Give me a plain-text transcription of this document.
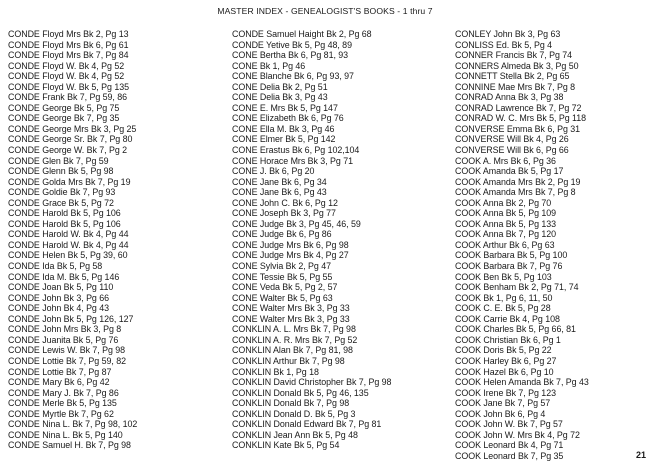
MASTER INDEX - GENEALOGIST'S BOOKS - 1 thru 7
CONDE Floyd Mrs Bk 2, Pg 13
CONDE Floyd Mrs Bk 6, Pg 61
CONDE Floyd Mrs Bk 7, Pg 84
CONDE Floyd W. Bk 4, Pg 52
CONDE Floyd W. Bk 4, Pg 52
CONDE Floyd W. Bk 5, Pg 135
CONDE Frank Bk 7, Pg 59, 86
CONDE George Bk 5, Pg 75
CONDE George Bk 7, Pg 35
CONDE George Mrs Bk 3, Pg 25
CONDE George Sr. Bk 7, Pg 80
CONDE George W. Bk 7, Pg 2
CONDE Glen Bk 7, Pg 59
CONDE Glenn Bk 5, Pg 98
CONDE Golda Mrs Bk 7, Pg 19
CONDE Goldie Bk 7, Pg 93
CONDE Grace Bk 5, Pg 72
CONDE Harold Bk 5, Pg 106
CONDE Harold Bk 5, Pg 106
CONDE Harold W. Bk 4, Pg 44
CONDE Harold W. Bk 4, Pg 44
CONDE Helen Bk 5, Pg 39, 60
CONDE Ida Bk 5, Pg 58
CONDE Ida M. Bk 5, Pg 146
CONDE Joan Bk 5, Pg 110
CONDE John Bk 3, Pg 66
CONDE John Bk 4, Pg 43
CONDE John Bk 5, Pg 126, 127
CONDE John Mrs Bk 3, Pg 8
CONDE Juanita Bk 5, Pg 76
CONDE Lewis W. Bk 7, Pg 98
CONDE Lottie Bk 7, Pg 59, 82
CONDE Lottie Bk 7, Pg 87
CONDE Mary Bk 6, Pg 42
CONDE Mary J. Bk 7, Pg 86
CONDE Merle Bk 5, Pg 135
CONDE Myrtle Bk 7, Pg 62
CONDE Nina L. Bk 7, Pg 98, 102
CONDE Nina L. Bk 5, Pg 140
CONDE Samuel H. Bk 7, Pg 98
CONDE Samuel Haight Bk 2, Pg 68
CONDE Yetive Bk 5, Pg 48, 89
CONE Bertha Bk 6, Pg 81, 93
CONE Bk 1, Pg 46
CONE Blanche Bk 6, Pg 93, 97
CONE Delia Bk 2, Pg 51
CONE Delia Bk 3, Pg 43
CONE E. Mrs Bk 5, Pg 147
CONE Elizabeth Bk 6, Pg 76
CONE Ella M. Bk 3, Pg 46
CONE Elmer Bk 5, Pg 142
CONE Erastus Bk 6, Pg 102,104
CONE Horace Mrs Bk 3, Pg 71
CONE J. Bk 6, Pg 20
CONE Jane Bk 6, Pg 34
CONE Jane Bk 6, Pg 43
CONE John C. Bk 6, Pg 12
CONE Joseph Bk 3, Pg 77
CONE Judge Bk 3, Pg 45, 46, 59
CONE Judge Bk 6, Pg 86
CONE Judge Mrs Bk 6, Pg 98
CONE Judge Mrs Bk 4, Pg 27
CONE Sylvia Bk 2, Pg 47
CONE Tessie Bk 5, Pg 55
CONE Veda Bk 5, Pg 2, 57
CONE Walter Bk 5, Pg 63
CONE Walter Mrs Bk 3, Pg 33
CONE Walter Mrs Bk 3, Pg 33
CONKLIN A. L. Mrs Bk 7, Pg 98
CONKLIN A. R. Mrs Bk 7, Pg 52
CONKLIN Alan Bk 7, Pg 81, 98
CONKLIN Arthur Bk 7, Pg 98
CONKLIN Bk 1, Pg 18
CONKLIN David Christopher Bk 7, Pg 98
CONKLIN Donald Bk 5, Pg 46, 135
CONKLIN Donald Bk 7, Pg 98
CONKLIN Donald D. Bk 5, Pg 3
CONKLIN Donald Edward Bk 7, Pg 81
CONKLIN Jean Ann Bk 5, Pg 48
CONKLIN Kate Bk 5, Pg 54
CONLEY John Bk 3, Pg 63
CONLISS Ed. Bk 5, Pg 4
CONNER Francis Bk 7, Pg 74
CONNERS Almeda Bk 3, Pg 50
CONNETT Stella Bk 2, Pg 65
CONNINE Mae Mrs Bk 7, Pg 8
CONRAD Anna Bk 3, Pg 38
CONRAD Lawrence Bk 7, Pg 72
CONRAD W. C. Mrs Bk 5, Pg 118
CONVERSE Emma Bk 6, Pg 31
CONVERSE Will Bk 4, Pg 26
CONVERSE Will Bk 6, Pg 66
COOK A. Mrs Bk 6, Pg 36
COOK Amanda Bk 5, Pg 17
COOK Amanda Mrs Bk 2, Pg 19
COOK Amanda Mrs Bk 7, Pg 8
COOK Anna Bk 2, Pg 70
COOK Anna Bk 5, Pg 109
COOK Anna Bk 5, Pg 133
COOK Anna Bk 7, Pg 120
COOK Arthur Bk 6, Pg 63
COOK Barbara Bk 5, Pg 100
COOK Barbara Bk 7, Pg 76
COOK Ben Bk 5, Pg 103
COOK Benham Bk 2, Pg 71, 74
COOK Bk 1, Pg 6, 11, 50
COOK C. E. Bk 5, Pg 28
COOK Carrie Bk 4, Pg 108
COOK Charles Bk 5, Pg 66, 81
COOK Christian Bk 6, Pg 1
COOK Doris Bk 5, Pg 22
COOK Harley Bk 6, Pg 27
COOK Hazel Bk 6, Pg 10
COOK Helen Amanda Bk 7, Pg 43
COOK Irene Bk 7, Pg 123
COOK Jane Bk 7, Pg 57
COOK John Bk 6, Pg 4
COOK John W. Bk 7, Pg 57
COOK John W. Mrs Bk 4, Pg 72
COOK Leonard Bk 4, Pg 71
COOK Leonard Bk 7, Pg 35	21
